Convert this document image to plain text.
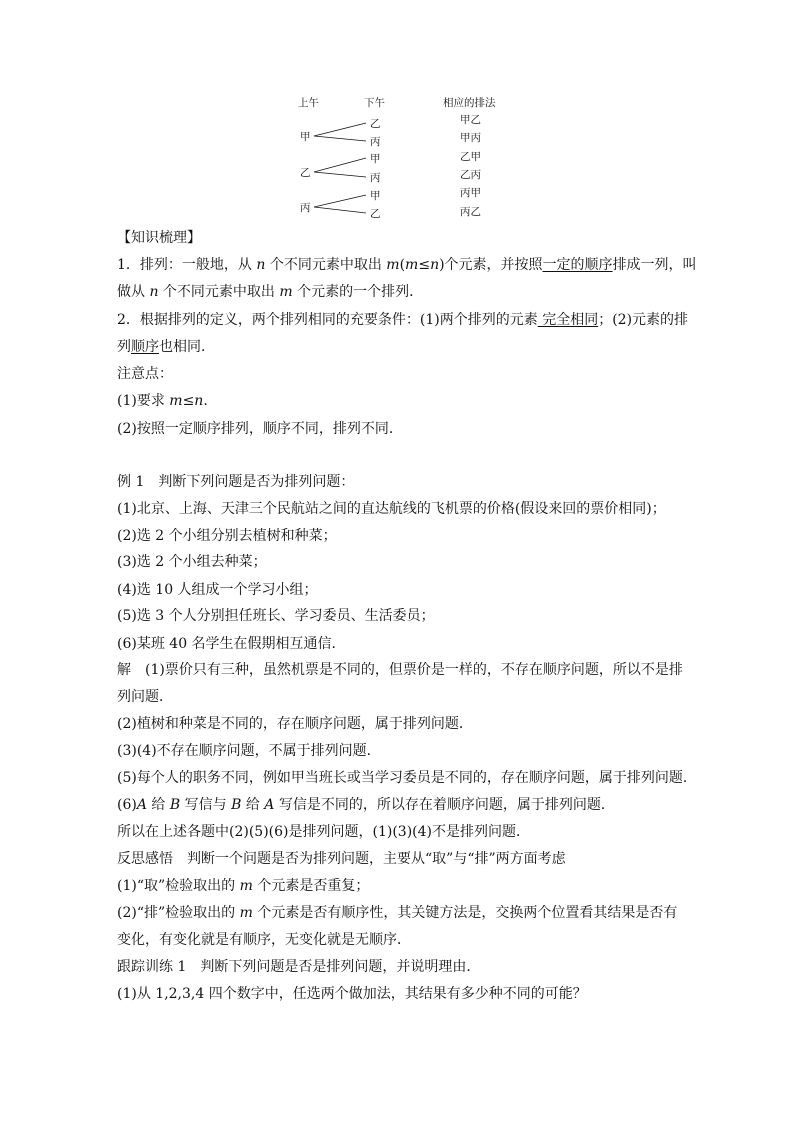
上午	下午	相应的排法
甲
乙
丙
乙
丙
甲
丙
甲
乙
甲乙
甲丙
乙甲
乙丙
丙甲
丙乙
【知识梳理】
1．排列：一般地，从 n 个不同元素中取出 m(m≤n)个元素，并按照一定的顺序排成一列，叫
做从 n 个不同元素中取出 m 个元素的一个排列．
2．根据排列的定义，两个排列相同的充要条件：(1)两个排列的元素 完全相同；(2)元素的排
列顺序也相同．
注意点：
(1)要求 m≤n.
(2)按照一定顺序排列，顺序不同，排列不同．
例 1　判断下列问题是否为排列问题：
(1)北京、上海、天津三个民航站之间的直达航线的飞机票的价格(假设来回的票价相同)；
(2)选 2 个小组分别去植树和种菜；
(3)选 2 个小组去种菜；
(4)选 10 人组成一个学习小组；
(5)选 3 个人分别担任班长、学习委员、生活委员；
(6)某班 40 名学生在假期相互通信．
解　(1)票价只有三种，虽然机票是不同的，但票价是一样的，不存在顺序问题，所以不是排
列问题．
(2)植树和种菜是不同的，存在顺序问题，属于排列问题．
(3)(4)不存在顺序问题，不属于排列问题．
(5)每个人的职务不同，例如甲当班长或当学习委员是不同的，存在顺序问题，属于排列问题．
(6)A 给 B 写信与 B 给 A 写信是不同的，所以存在着顺序问题，属于排列问题．
所以在上述各题中(2)(5)(6)是排列问题，(1)(3)(4)不是排列问题．
反思感悟　判断一个问题是否为排列问题，主要从“取”与“排”两方面考虑
(1)“取”检验取出的 m 个元素是否重复；
(2)“排”检验取出的 m 个元素是否有顺序性，其关键方法是，交换两个位置看其结果是否有
变化，有变化就是有顺序，无变化就是无顺序．
跟踪训练 1　判断下列问题是否是排列问题，并说明理由．
(1)从 1,2,3,4 四个数字中，任选两个做加法，其结果有多少种不同的可能？
